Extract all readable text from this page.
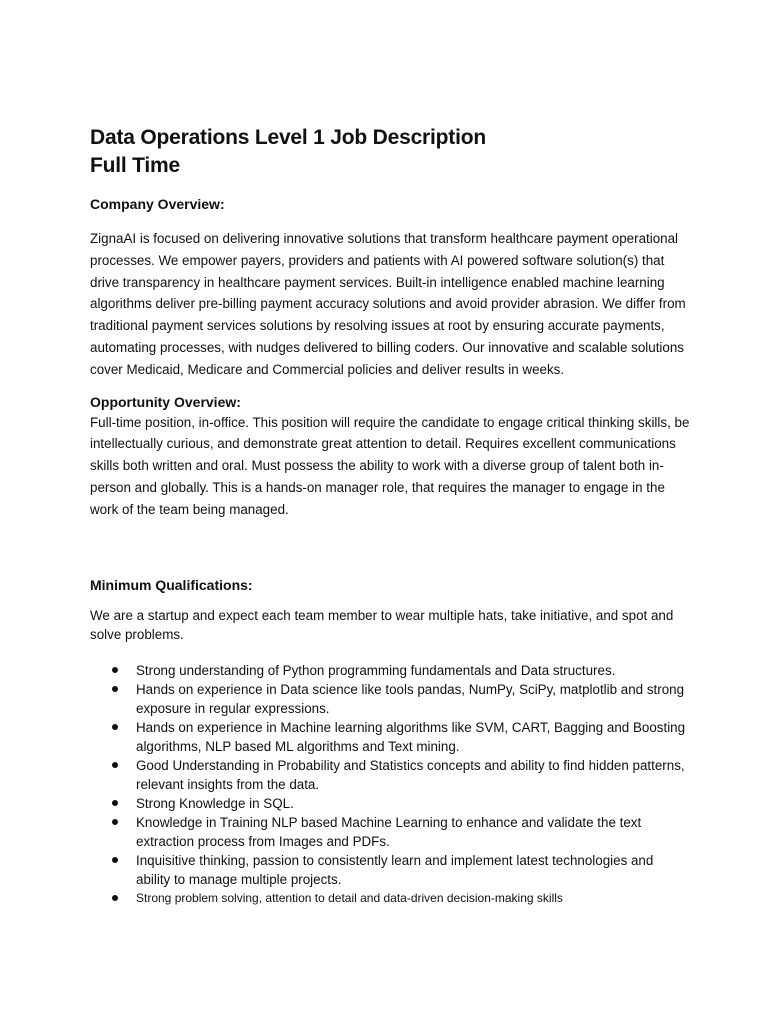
Data Operations Level 1 Job Description
Full Time
Company Overview:

ZignaAI is focused on delivering innovative solutions that transform healthcare payment operational processes. We empower payers, providers and patients with AI powered software solution(s) that drive transparency in healthcare payment services. Built-in intelligence enabled machine learning algorithms deliver pre-billing payment accuracy solutions and avoid provider abrasion. We differ from traditional payment services solutions by resolving issues at root by ensuring accurate payments, automating processes, with nudges delivered to billing coders. Our innovative and scalable solutions cover Medicaid, Medicare and Commercial policies and deliver results in weeks.

Opportunity Overview:

Full-time position, in-office. This position will require the candidate to engage critical thinking skills, be intellectually curious, and demonstrate great attention to detail. Requires excellent communications skills both written and oral. Must possess the ability to work with a diverse group of talent both in-person and globally. This is a hands-on manager role, that requires the manager to engage in the work of the team being managed.

Minimum Qualifications:

We are a startup and expect each team member to wear multiple hats, take initiative, and spot and solve problems.

Strong understanding of Python programming fundamentals and Data structures.
Hands on experience in Data science like tools pandas, NumPy, SciPy, matplotlib and strong exposure in regular expressions.
Hands on experience in Machine learning algorithms like SVM, CART, Bagging and Boosting algorithms, NLP based ML algorithms and Text mining.
Good Understanding in Probability and Statistics concepts and ability to find hidden patterns, relevant insights from the data.
Strong Knowledge in SQL.
Knowledge in Training NLP based Machine Learning to enhance and validate the text extraction process from Images and PDFs.
Inquisitive thinking, passion to consistently learn and implement latest technologies and ability to manage multiple projects.
Strong problem solving, attention to detail and data-driven decision-making skills
